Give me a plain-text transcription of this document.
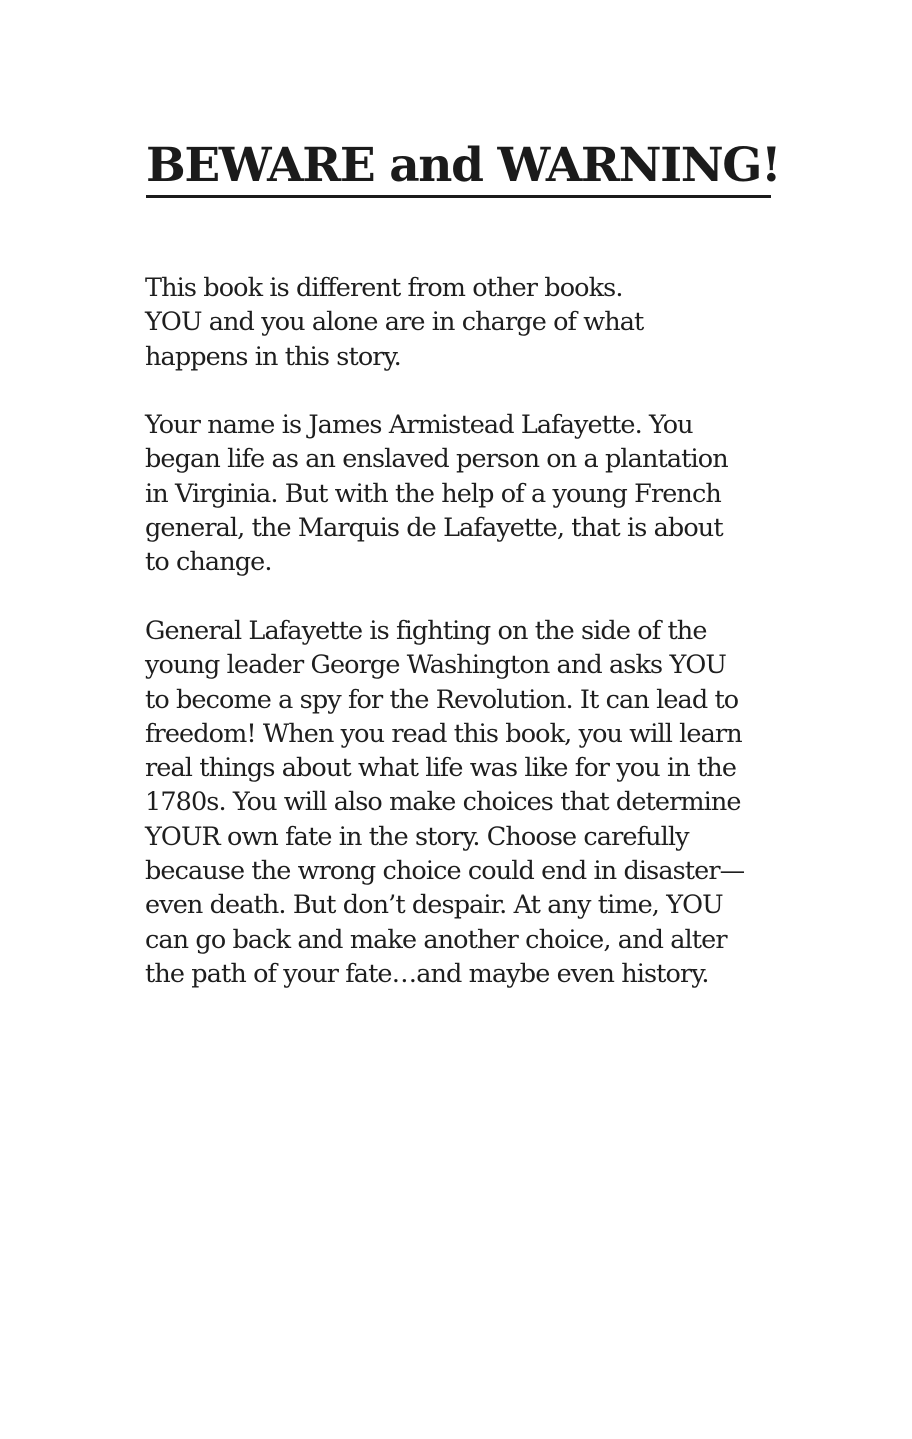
BEWARE and WARNING!

This book is different from other books.
YOU and you alone are in charge of what
happens in this story.

Your name is James Armistead Lafayette. You
began life as an enslaved person on a plantation
in Virginia. But with the help of a young French
general, the Marquis de Lafayette, that is about
to change.

General Lafayette is fighting on the side of the
young leader George Washington and asks YOU
to become a spy for the Revolution. It can lead to
freedom! When you read this book, you will learn
real things about what life was like for you in the
1780s. You will also make choices that determine
YOUR own fate in the story. Choose carefully
because the wrong choice could end in disaster—
even death. But don’t despair. At any time, YOU
can go back and make another choice, and alter
the path of your fate…and maybe even history.
